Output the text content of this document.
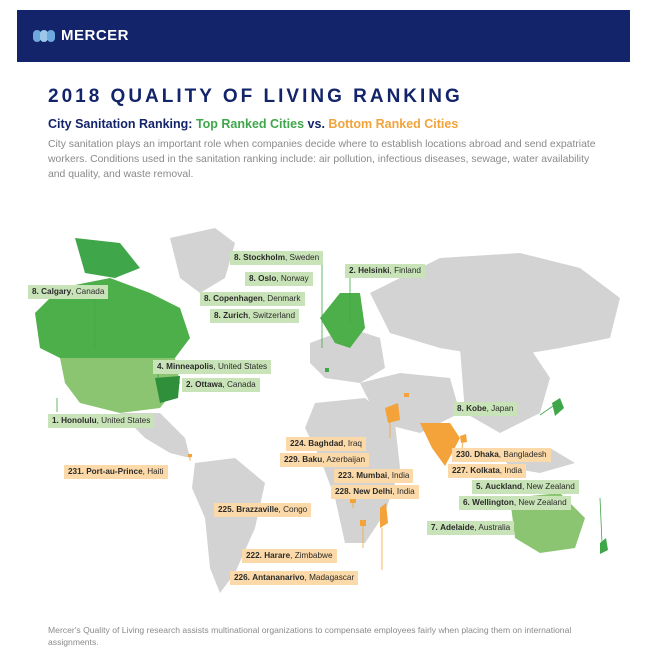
MERCER
2018 QUALITY OF LIVING RANKING
City Sanitation Ranking: Top Ranked Cities vs. Bottom Ranked Cities
City sanitation plays an important role when companies decide where to establish locations abroad and send expatriate workers. Conditions used in the sanitation ranking include: air pollution, infectious diseases, sewage, water availability and quality, and waste removal.
8. Stockholm, Sweden
2. Helsinki, Finland
8. Oslo, Norway
8. Calgary, Canada
8. Copenhagen, Denmark
8. Zurich, Switzerland
4. Minneapolis, United States
2. Ottawa, Canada
8. Kobe, Japan
1. Honolulu, United States
5. Auckland, New Zealand
6. Wellington, New Zealand
7. Adelaide, Australia
224. Baghdad, Iraq
229. Baku, Azerbaijan
230. Dhaka, Bangladesh
231. Port-au-Prince, Haiti	223. Mumbai, India
227. Kolkata, India
228. New Delhi, India
225. Brazzaville, Congo
222. Harare, Zimbabwe
226. Antananarivo, Madagascar
Mercer's Quality of Living research assists multinational organizations to compensate employees fairly when placing them on international assignments.
